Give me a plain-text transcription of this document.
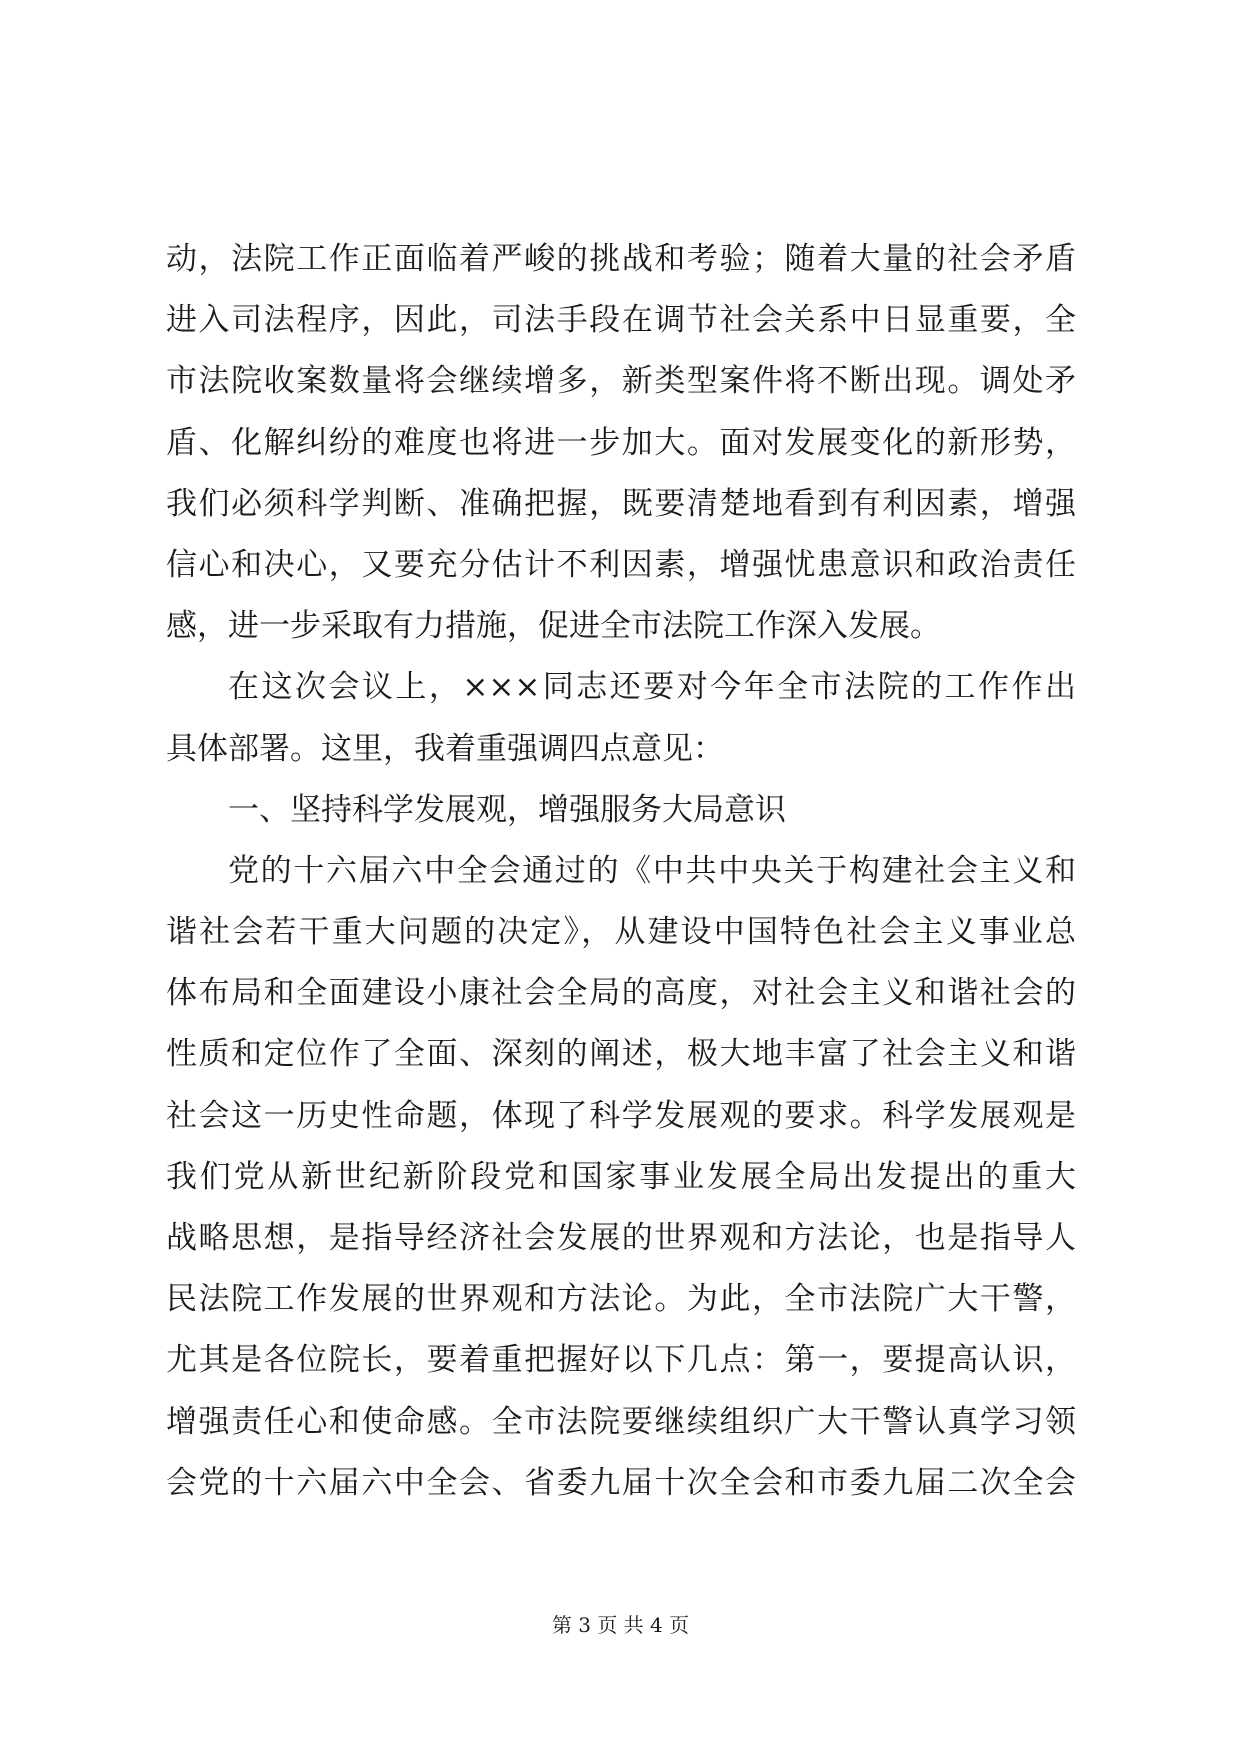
动，法院工作正面临着严峻的挑战和考验；随着大量的社会矛盾
进入司法程序，因此，司法手段在调节社会关系中日显重要，全
市法院收案数量将会继续增多，新类型案件将不断出现。调处矛
盾、化解纠纷的难度也将进一步加大。面对发展变化的新形势，
我们必须科学判断、准确把握，既要清楚地看到有利因素，增强
信心和决心，又要充分估计不利因素，增强忧患意识和政治责任
感，进一步采取有力措施，促进全市法院工作深入发展。
在这次会议上，×××同志还要对今年全市法院的工作作出
具体部署。这里，我着重强调四点意见：
一、坚持科学发展观，增强服务大局意识
党的十六届六中全会通过的《中共中央关于构建社会主义和
谐社会若干重大问题的决定》，从建设中国特色社会主义事业总
体布局和全面建设小康社会全局的高度，对社会主义和谐社会的
性质和定位作了全面、深刻的阐述，极大地丰富了社会主义和谐
社会这一历史性命题，体现了科学发展观的要求。科学发展观是
我们党从新世纪新阶段党和国家事业发展全局出发提出的重大
战略思想，是指导经济社会发展的世界观和方法论，也是指导人
民法院工作发展的世界观和方法论。为此，全市法院广大干警，
尤其是各位院长，要着重把握好以下几点：第一，要提高认识，
增强责任心和使命感。全市法院要继续组织广大干警认真学习领
会党的十六届六中全会、省委九届十次全会和市委九届二次全会
第 3 页 共 4 页
